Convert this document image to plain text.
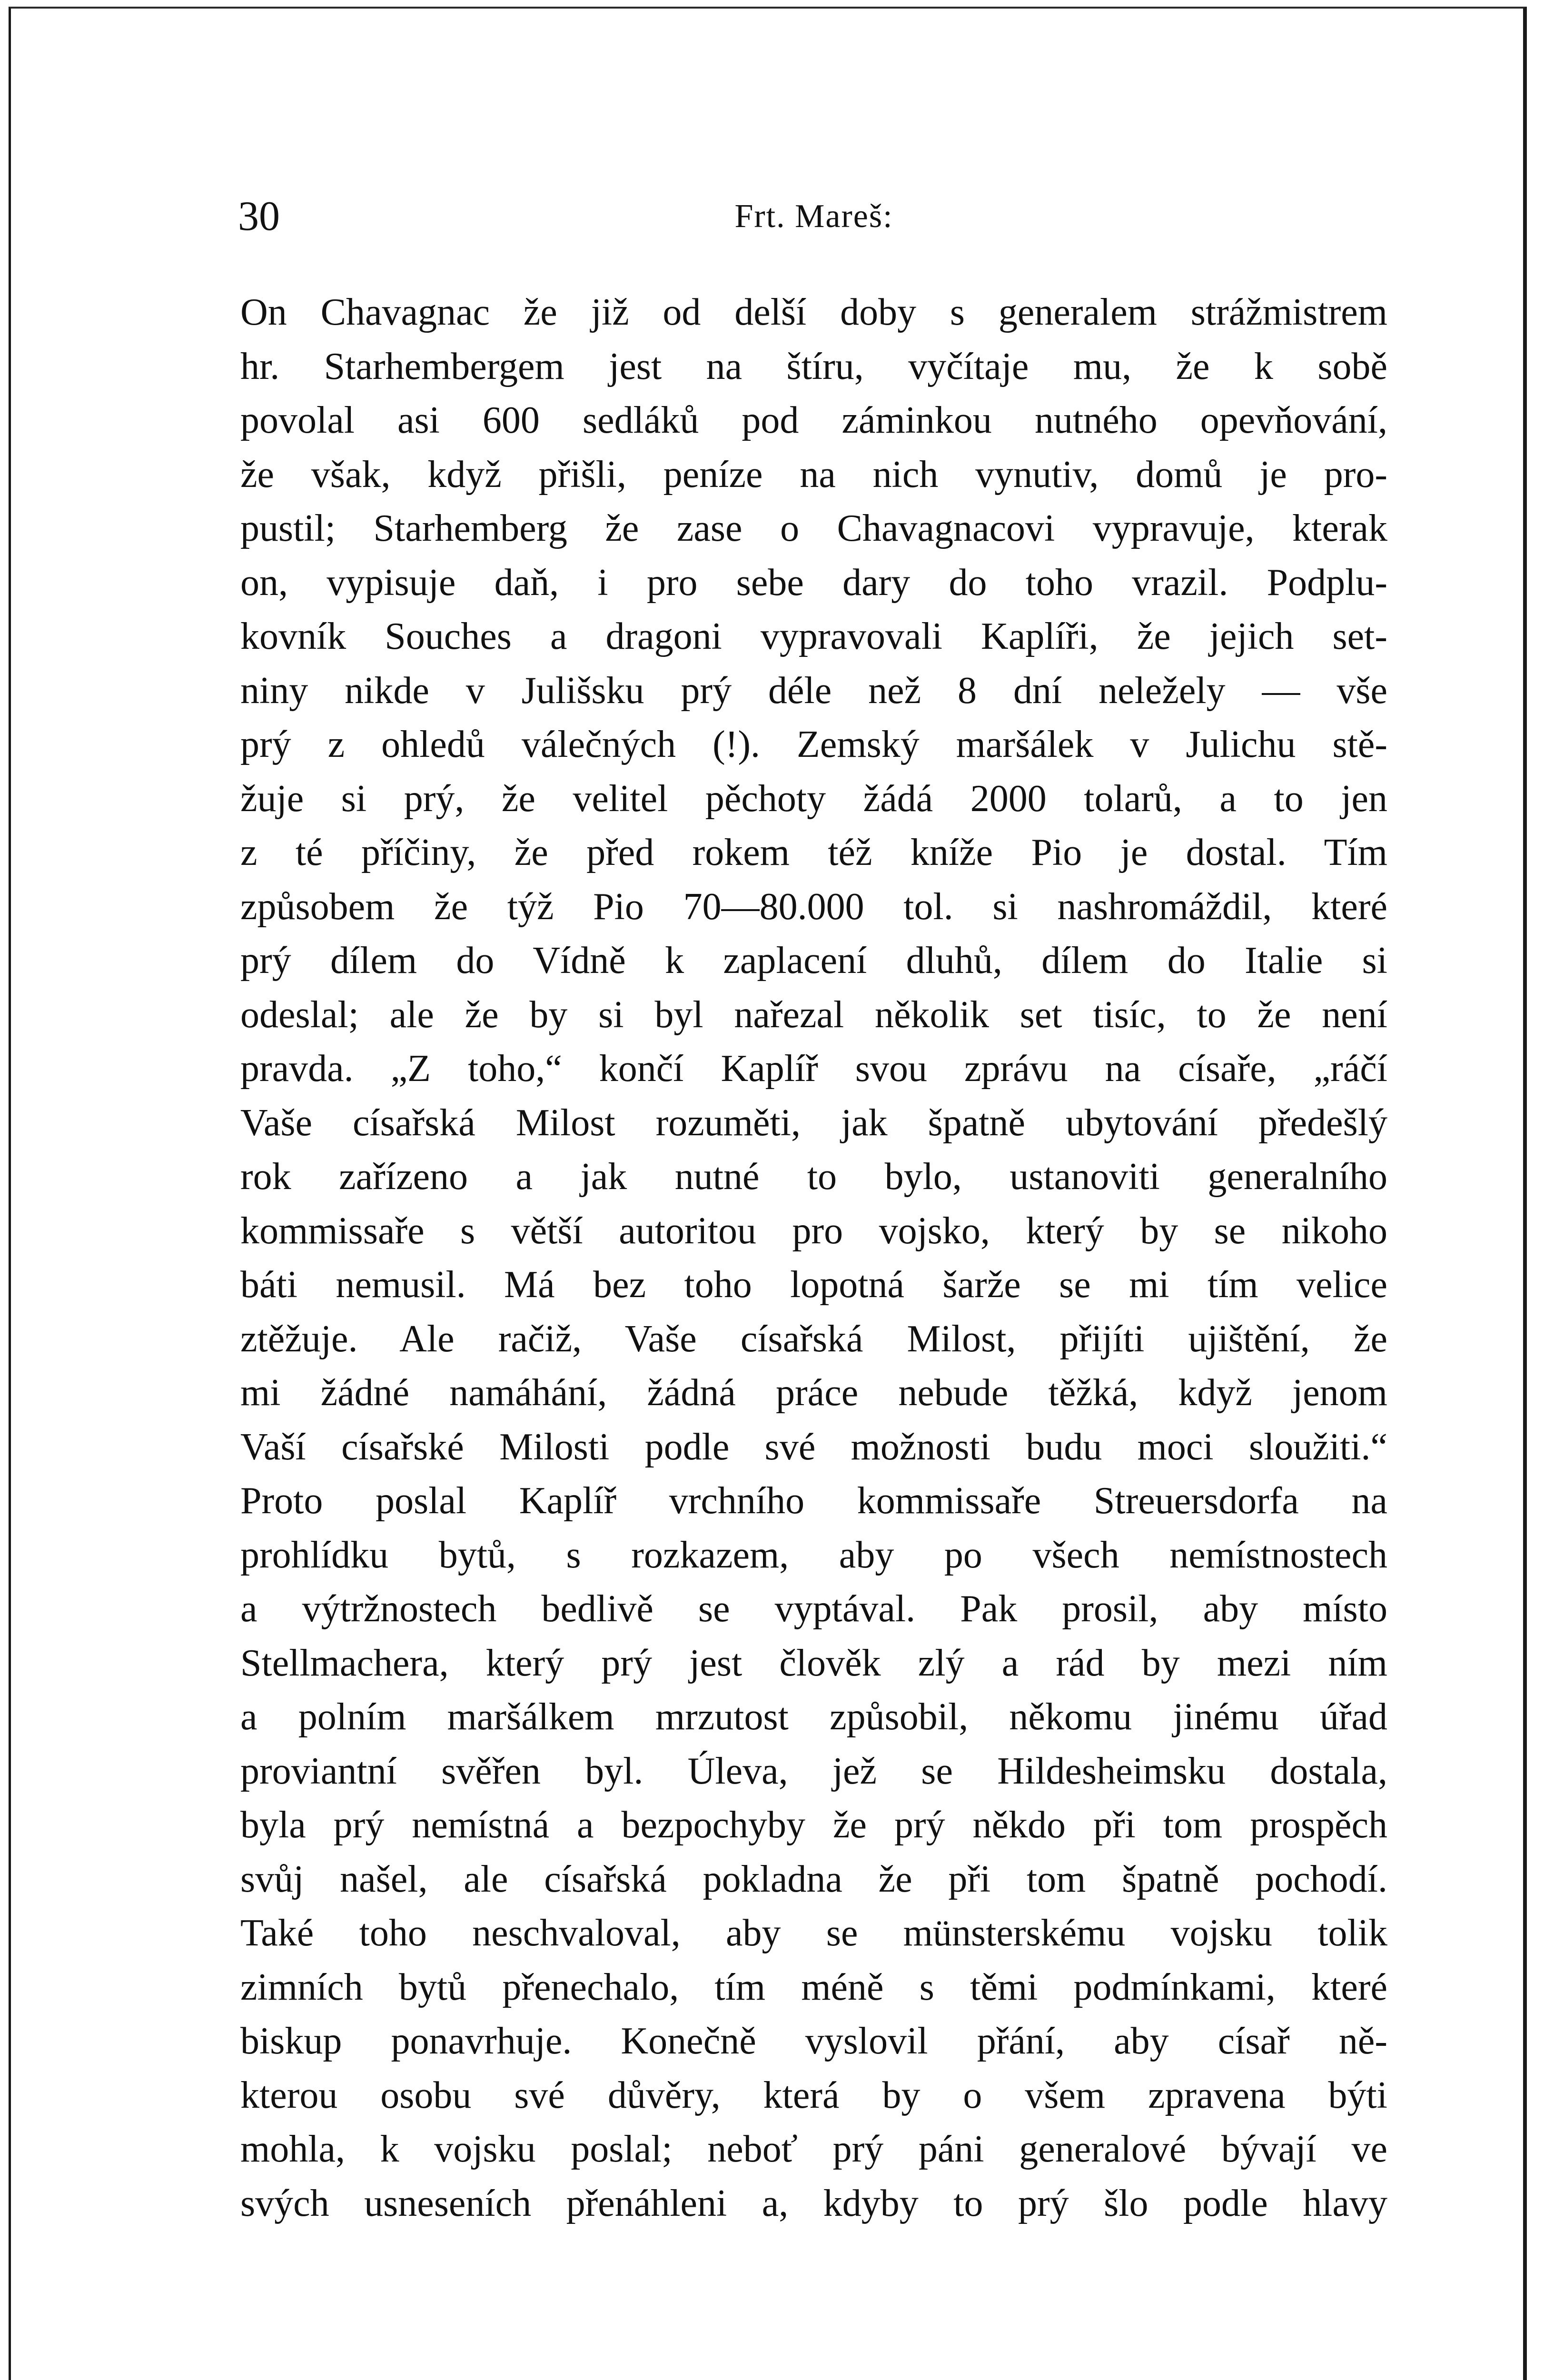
30	Frt. Mareš:
On Chavagnac že již od delší doby s generalem strážmistrem
hr. Starhembergem jest na štíru, vyčítaje mu, že k sobě
povolal asi 600 sedláků pod záminkou nutného opevňování,
že však, když přišli, peníze na nich vynutiv, domů je pro-
pustil; Starhemberg že zase o Chavagnacovi vypravuje, kterak
on, vypisuje daň, i pro sebe dary do toho vrazil. Podplu-
kovník Souches a dragoni vypravovali Kaplíři, že jejich set-
niny nikde v Julišsku prý déle než 8 dní neležely — vše
prý z ohledů válečných (!). Zemský maršálek v Julichu stě-
žuje si prý, že velitel pěchoty žádá 2000 tolarů, a to jen
z té příčiny, že před rokem též kníže Pio je dostal. Tím
způsobem že týž Pio 70—80.000 tol. si nashromáždil, které
prý dílem do Vídně k zaplacení dluhů, dílem do Italie si
odeslal; ale že by si byl nařezal několik set tisíc, to že není
pravda. „Z toho,“ končí Kaplíř svou zprávu na císaře, „ráčí
Vaše císařská Milost rozuměti, jak špatně ubytování předešlý
rok zařízeno a jak nutné to bylo, ustanoviti generalního
kommissaře s větší autoritou pro vojsko, který by se nikoho
báti nemusil. Má bez toho lopotná šarže se mi tím velice
ztěžuje. Ale račiž, Vaše císařská Milost, přijíti ujištění, že
mi žádné namáhání, žádná práce nebude těžká, když jenom
Vaší císařské Milosti podle své možnosti budu moci sloužiti.“
Proto poslal Kaplíř vrchního kommissaře Streuersdorfa na
prohlídku bytů, s rozkazem, aby po všech nemístnostech
a výtržnostech bedlivě se vyptával. Pak prosil, aby místo
Stellmachera, který prý jest člověk zlý a rád by mezi ním
a polním maršálkem mrzutost způsobil, někomu jinému úřad
proviantní svěřen byl. Úleva, jež se Hildesheimsku dostala,
byla prý nemístná a bezpochyby že prý někdo při tom prospěch
svůj našel, ale císařská pokladna že při tom špatně pochodí.
Také toho neschvaloval, aby se münsterskému vojsku tolik
zimních bytů přenechalo, tím méně s těmi podmínkami, které
biskup ponavrhuje. Konečně vyslovil přání, aby císař ně-
kterou osobu své důvěry, která by o všem zpravena býti
mohla, k vojsku poslal; neboť prý páni generalové bývají ve
svých usneseních přenáhleni a, kdyby to prý šlo podle hlavy
